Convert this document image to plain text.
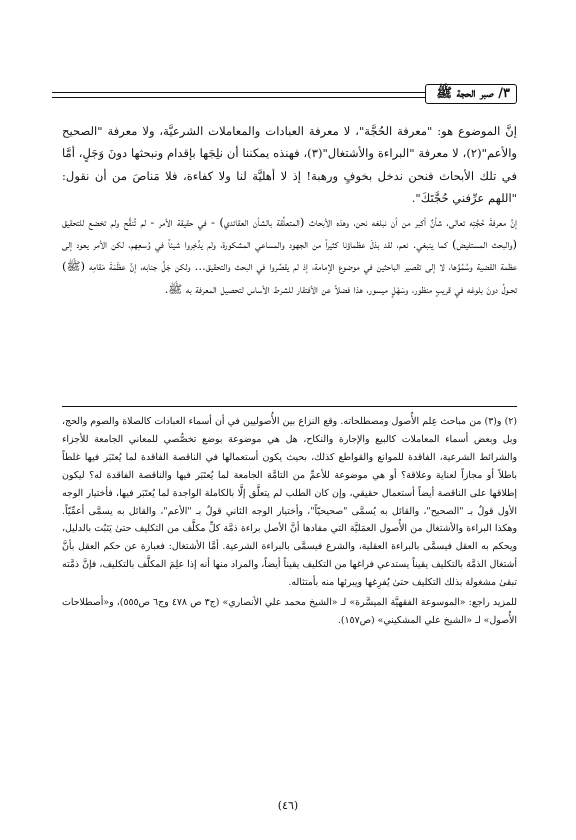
٣/ صبر الحجة ﷺ

إنَّ الموضوع هو: "معرفة الحُجَّة"، لا معرفة العبادات والمعاملات الشرعيَّة، ولا معرفة "الصحيح والأعم"(٢)، لا معرفة "البراءة والأشتغال"(٣)، فهنذه يمكننا أن نلِجَها بإقدام ونبحثها دونَ وَجَلٍ، أمَّا في تلك الأبحاث فنحن ندخل بخوفٍ ورهبة! إذ لا أهليَّة لنا ولا كفاءة، فلا مَناصَ من أن نقول: "اللهم عرِّفني حُجَّتَكَ".

إنَّ معرفةَ حُجَّتِه تعالى، شأنٌ أكبر من أن نبلغه نحن، وهذه الأبحاث (المتعلِّقة بالشأن العقائدي) - في حقيقة الأمر - لم تُنقَّح ولم تخضع للتحقيق (والبحث المستفيض) كما ينبغي. نعم، لقد بذلَ عظماؤنا كثيراً من الجهود والمساعي المشكورة، ولم يدَّخِروا شيئاً في وُسعِهم، لكن الأمر يعود إلى عظمة القضية وسُمُوِّها، لا إلى تقصير الباحثين في موضوع الإمامة، إذ لم يقصِّروا في البحث والتحقيق... ولكن جَلَّ جنابه، إنَّ عظَمَةَ مَقامِه (ﷺ) تحـولُ دونَ بلوغه في قريبٍ منظور، وسَهْلٍ ميسور، هذا فضلاً عن الأفتقار للشرط الأساس لتحصيل المعرفة به ﷺ.

(٢) و(٣) من مباحث عِلم الأُصول ومصطلحاته. وقع النزاع بين الأُصوليين في أن أسماء العبادات كالصلاة والصوم والحج، وبل وبعض أسماء المعاملات كالبيع والإجارة والنكاح، هل هي موضوعة بوضع تخصُّصي للمعاني الجامعة للأجزاء والشرائط الشرعية، الفاقدة للموانع والقواطع كذلك، بحيث يكون أستعمالها في الناقصة الفاقدة لما يُعتَبَر فيها غلطاً باطلاً أو مجازاً لعناية وعلاقة؟ أو هي موضوعة للأعمِّ من التامَّة الجامعة لما يُعتَبَر فيها والناقصة الفاقدة له؟ ليكون إطلاقها على الناقصة أيضاً أستعمال حقيقي، وإن كان الطلب لم يتعلَّق إلَّا بالكاملة الواجدة لما يُعتَبَر فيها، فأختيار الوجه الأول قولٌ بـ "الصحيح"، والقائل به يُسمَّى "صحيحيّاً"، وأختيار الوجه الثاني قولٌ بـ "الأعم"، والقائل به يسمَّى أعمِّيّاً. وهكذا البراءة والأشتغال من الأُصول العمَليَّة التي مفادها أنَّ الأصل براءة ذمَّة كلِّ مكلَّف من التكليف حتىٰ يَثبُت بالدليل، ويحكم به العقل فيسمَّى بالبراءة العقلية، والشرع فيسمَّى بالبراءة الشرعية. أمَّا الأشتغال: فعبارة عن حكم العقل بأنَّ أشتغال الذمَّة بالتكليف يقيناً يستدعي فراغها من التكليف يقيناً أيضاً، والمراد منها أنه إذا علِمَ المكلَّف بالتكليف، فإنَّ ذمَّته تبقىٰ مشغولة بذلك التكليف حتىٰ يُفرِغها ويبرئها منه بأمتثاله.

للمزيد راجع: «الموسوعة الفقهيَّة الميسَّرة» لـ «الشيخ محمد علي الأنصاري» (ج٣ ص ٤٧٨ وج٦ ص٥٥٥)، و«أصطلاحات الأُصول» لـ «الشيخ علي المشكيني» (ص١٥٧).

(٤٦)
